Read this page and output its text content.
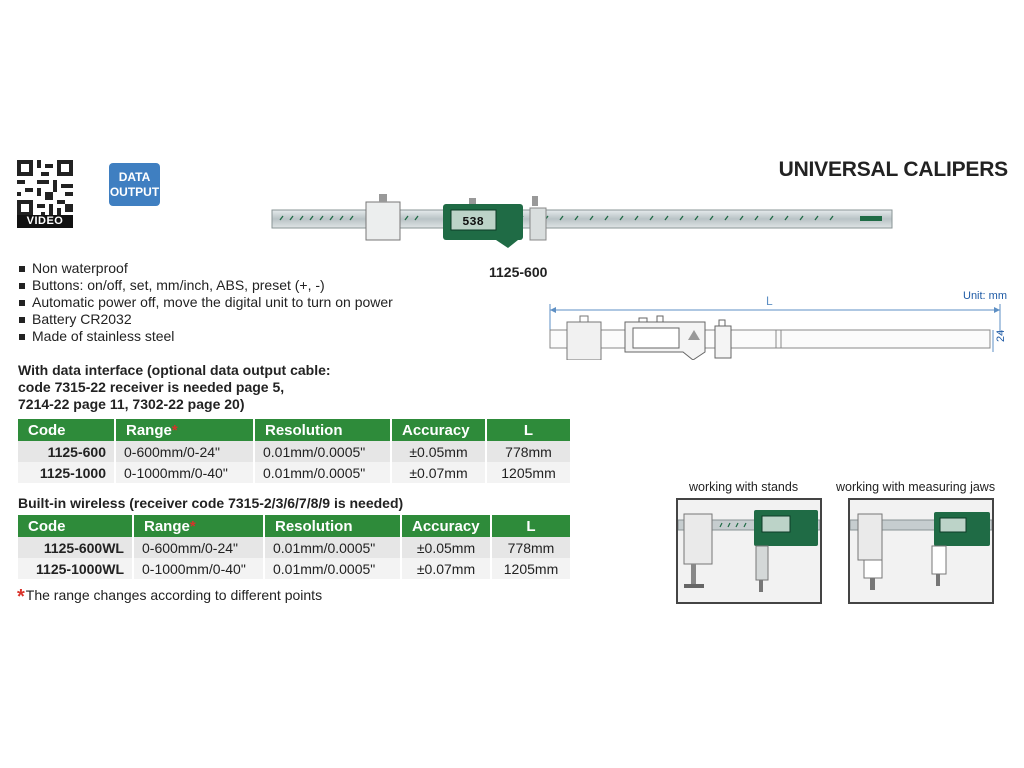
VIDEO
DATA
OUTPUT
UNIVERSAL CALIPERS
538
1125-600
Non waterproof
Buttons: on/off, set, mm/inch, ABS, preset (+, -)
Automatic power off, move the digital unit to turn on power
Battery CR2032
Made of stainless steel
L
24
Unit: mm
With data interface (optional data output cable:
code 7315-22 receiver is needed page 5,
7214-22 page 11, 7302-22 page 20)
Code	Range*	Resolution	Accuracy	L
1125-600	0-600mm/0-24"	0.01mm/0.0005"	±0.05mm	778mm
1125-1000	0-1000mm/0-40"	0.01mm/0.0005"	±0.07mm	1205mm
Built-in wireless (receiver code 7315-2/3/6/7/8/9 is needed)
Code	Range*	Resolution	Accuracy	L
1125-600WL	0-600mm/0-24"	0.01mm/0.0005"	±0.05mm	778mm
1125-1000WL	0-1000mm/0-40"	0.01mm/0.0005"	±0.07mm	1205mm
*The range changes according to different points
working with stands	working with measuring jaws
